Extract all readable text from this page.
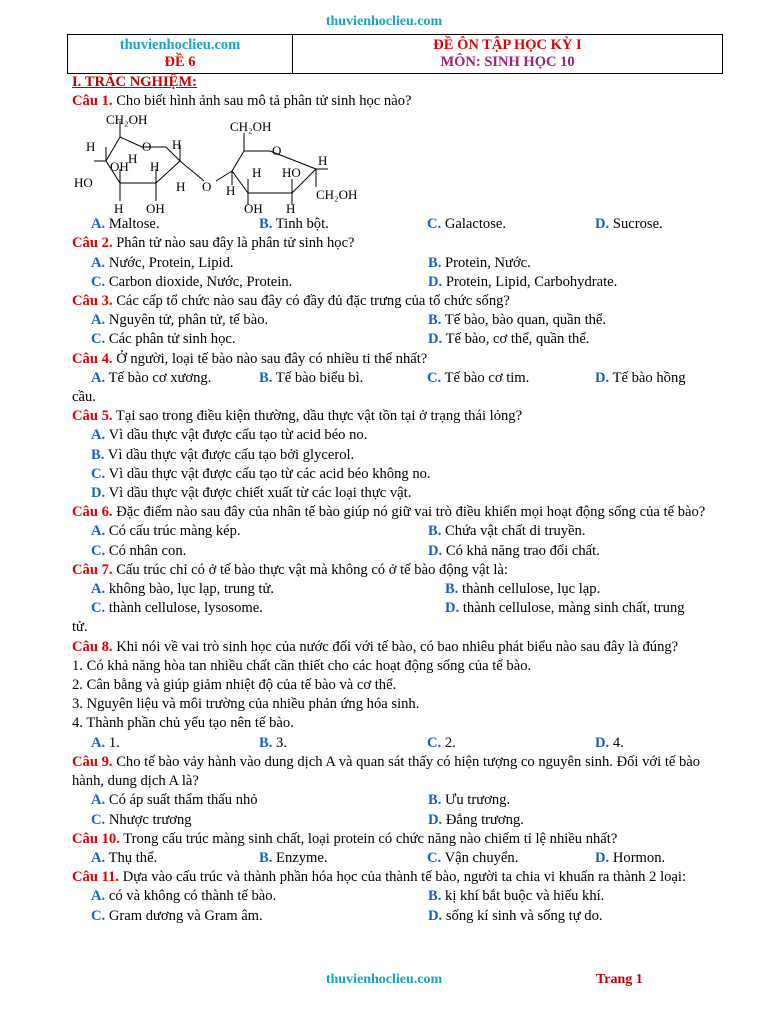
thuvienhoclieu.com
thuvienhoclieu.com
ĐỀ 6
ĐỀ ÔN TẬP HỌC KỲ I
MÔN: SINH HỌC 10
I. TRẮC NGHIỆM:
Câu 1. Cho biết hình ảnh sau mô tả phân tử sinh học nào?
CH₂OH
O
H	H
OH H
H
HO
H OH
H O
CH₂OH
O
H
H HO
H
OH H
CH₂OH
A. Maltose.	B. Tinh bột.	C. Galactose.	D. Sucrose.
Câu 2. Phân tử nào sau đây là phân tử sinh học?
A. Nước, Protein, Lipid.	B. Protein, Nước.
C. Carbon dioxide, Nước, Protein.	D. Protein, Lipid, Carbohydrate.
Câu 3. Các cấp tổ chức nào sau đây có đầy đủ đặc trưng của tổ chức sống?
A. Nguyên tử, phân tử, tế bào.	B. Tế bào, bào quan, quần thể.
C. Các phân tử sinh học.	D. Tế bào, cơ thể, quần thể.
Câu 4. Ở người, loại tế bào nào sau đây có nhiều ti thể nhất?
A. Tế bào cơ xương.	B. Tế bào biểu bì.	C. Tế bào cơ tim.	D. Tế bào hồng
cầu.
Câu 5. Tại sao trong điều kiện thường, dầu thực vật tồn tại ở trạng thái lỏng?
A. Vì dầu thực vật được cấu tạo từ acid béo no.
B. Vì dầu thực vật được cấu tạo bởi glycerol.
C. Vì dầu thực vật được cấu tạo từ các acid béo không no.
D. Vì dầu thực vật được chiết xuất từ các loại thực vật.
Câu 6. Đặc điểm nào sau đây của nhân tế bào giúp nó giữ vai trò điều khiển mọi hoạt động sống của tế bào?
A. Có cấu trúc màng kép.	B. Chứa vật chất di truyền.
C. Có nhân con.	D. Có khả năng trao đổi chất.
Câu 7. Cấu trúc chỉ có ở tế bào thực vật mà không có ở tế bào động vật là:
A. không bào, lục lạp, trung tử.	B. thành cellulose, lục lạp.
C. thành cellulose, lysosome.	D. thành cellulose, màng sinh chất, trung
tử.
Câu 8. Khi nói về vai trò sinh học của nước đối với tế bào, có bao nhiêu phát biểu nào sau đây là đúng?
1. Có khả năng hòa tan nhiều chất cần thiết cho các hoạt động sống của tế bào.
2. Cân bằng và giúp giảm nhiệt độ của tế bào và cơ thể.
3. Nguyên liệu và môi trường của nhiều phản ứng hóa sinh.
4. Thành phần chủ yếu tạo nên tế bào.
A. 1.	B. 3.	C. 2.	D. 4.
Câu 9. Cho tế bào vảy hành vào dung dịch A và quan sát thấy có hiện tượng co nguyên sinh. Đối với tế bào hành, dung dịch A là?
A. Có áp suất thẩm thấu nhỏ	B. Ưu trương.
C. Nhược trương	D. Đẳng trương.
Câu 10. Trong cấu trúc màng sinh chất, loại protein có chức năng nào chiếm tỉ lệ nhiều nhất?
A. Thụ thể.	B. Enzyme.	C. Vận chuyển.	D. Hormon.
Câu 11. Dựa vào cấu trúc và thành phần hóa học của thành tế bào, người ta chia vi khuẩn ra thành 2 loại:
A. có và không có thành tế bào.	B. kị khí bắt buộc và hiếu khí.
C. Gram dương và Gram âm.	D. sống kí sinh và sống tự do.
thuvienhoclieu.com	Trang 1
